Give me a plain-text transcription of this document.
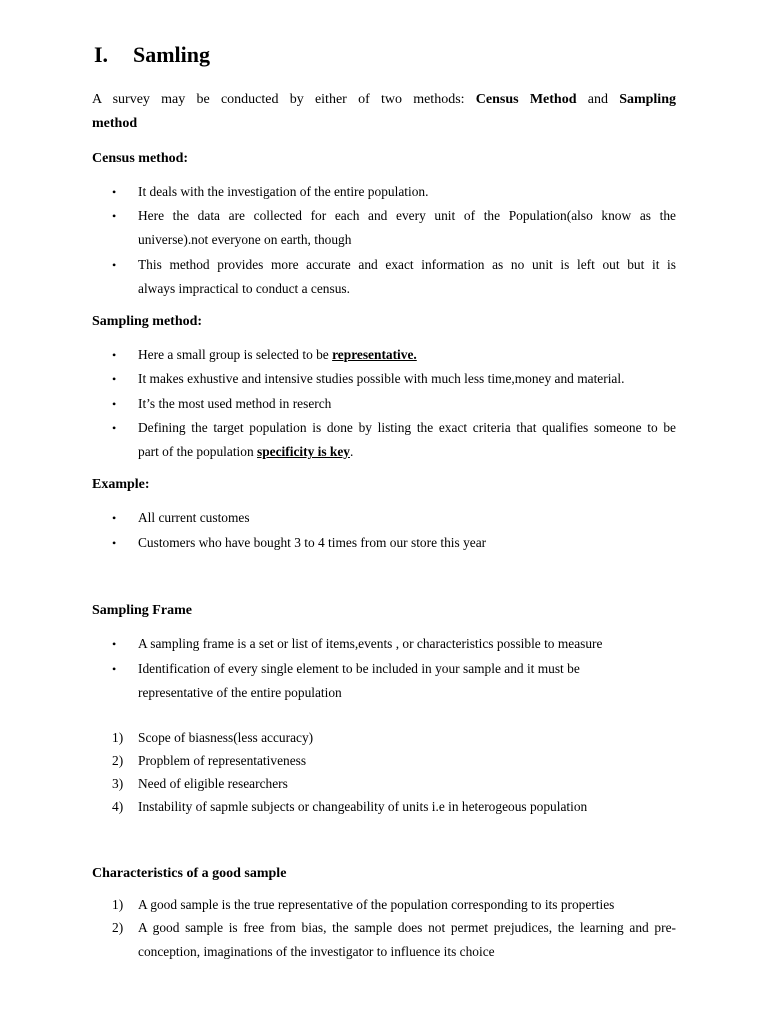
I. Samling
A survey may be conducted by either of two methods: Census Method and Sampling
method
Census method:
•	It deals with the investigation of the entire population.
•	Here the data are collected for each and every unit of the Population(also know as the
universe).not everyone on earth, though
•	This method provides more accurate and exact information as no unit is left out but it is
always impractical to conduct a census.
Sampling method:
•	Here a small group is selected to be representative.
•	It makes exhustive and intensive studies possible with much less time,money and material.
•	It’s the most used method in reserch
•	Defining the target population is done by listing the exact criteria that qualifies someone to be
part of the population specificity is key.
Example:
•	All current customes
•	Customers who have bought 3 to 4 times from our store this year
Sampling Frame
•	A sampling frame is a set or list of items,events , or characteristics possible to measure
•	Identification of every single element to be included in your sample and it must be
representative of the entire population
1)	Scope of biasness(less accuracy)
2)	Propblem of representativeness
3)	Need of eligible researchers
4)	Instability of sapmle subjects or changeability of units i.e in heterogeous population
Characteristics of a good sample
1)	A good sample is the true representative of the population corresponding to its properties
2)	A good sample is free from bias, the sample does not permet prejudices, the learning and pre-
conception, imaginations of the investigator to influence its choice
